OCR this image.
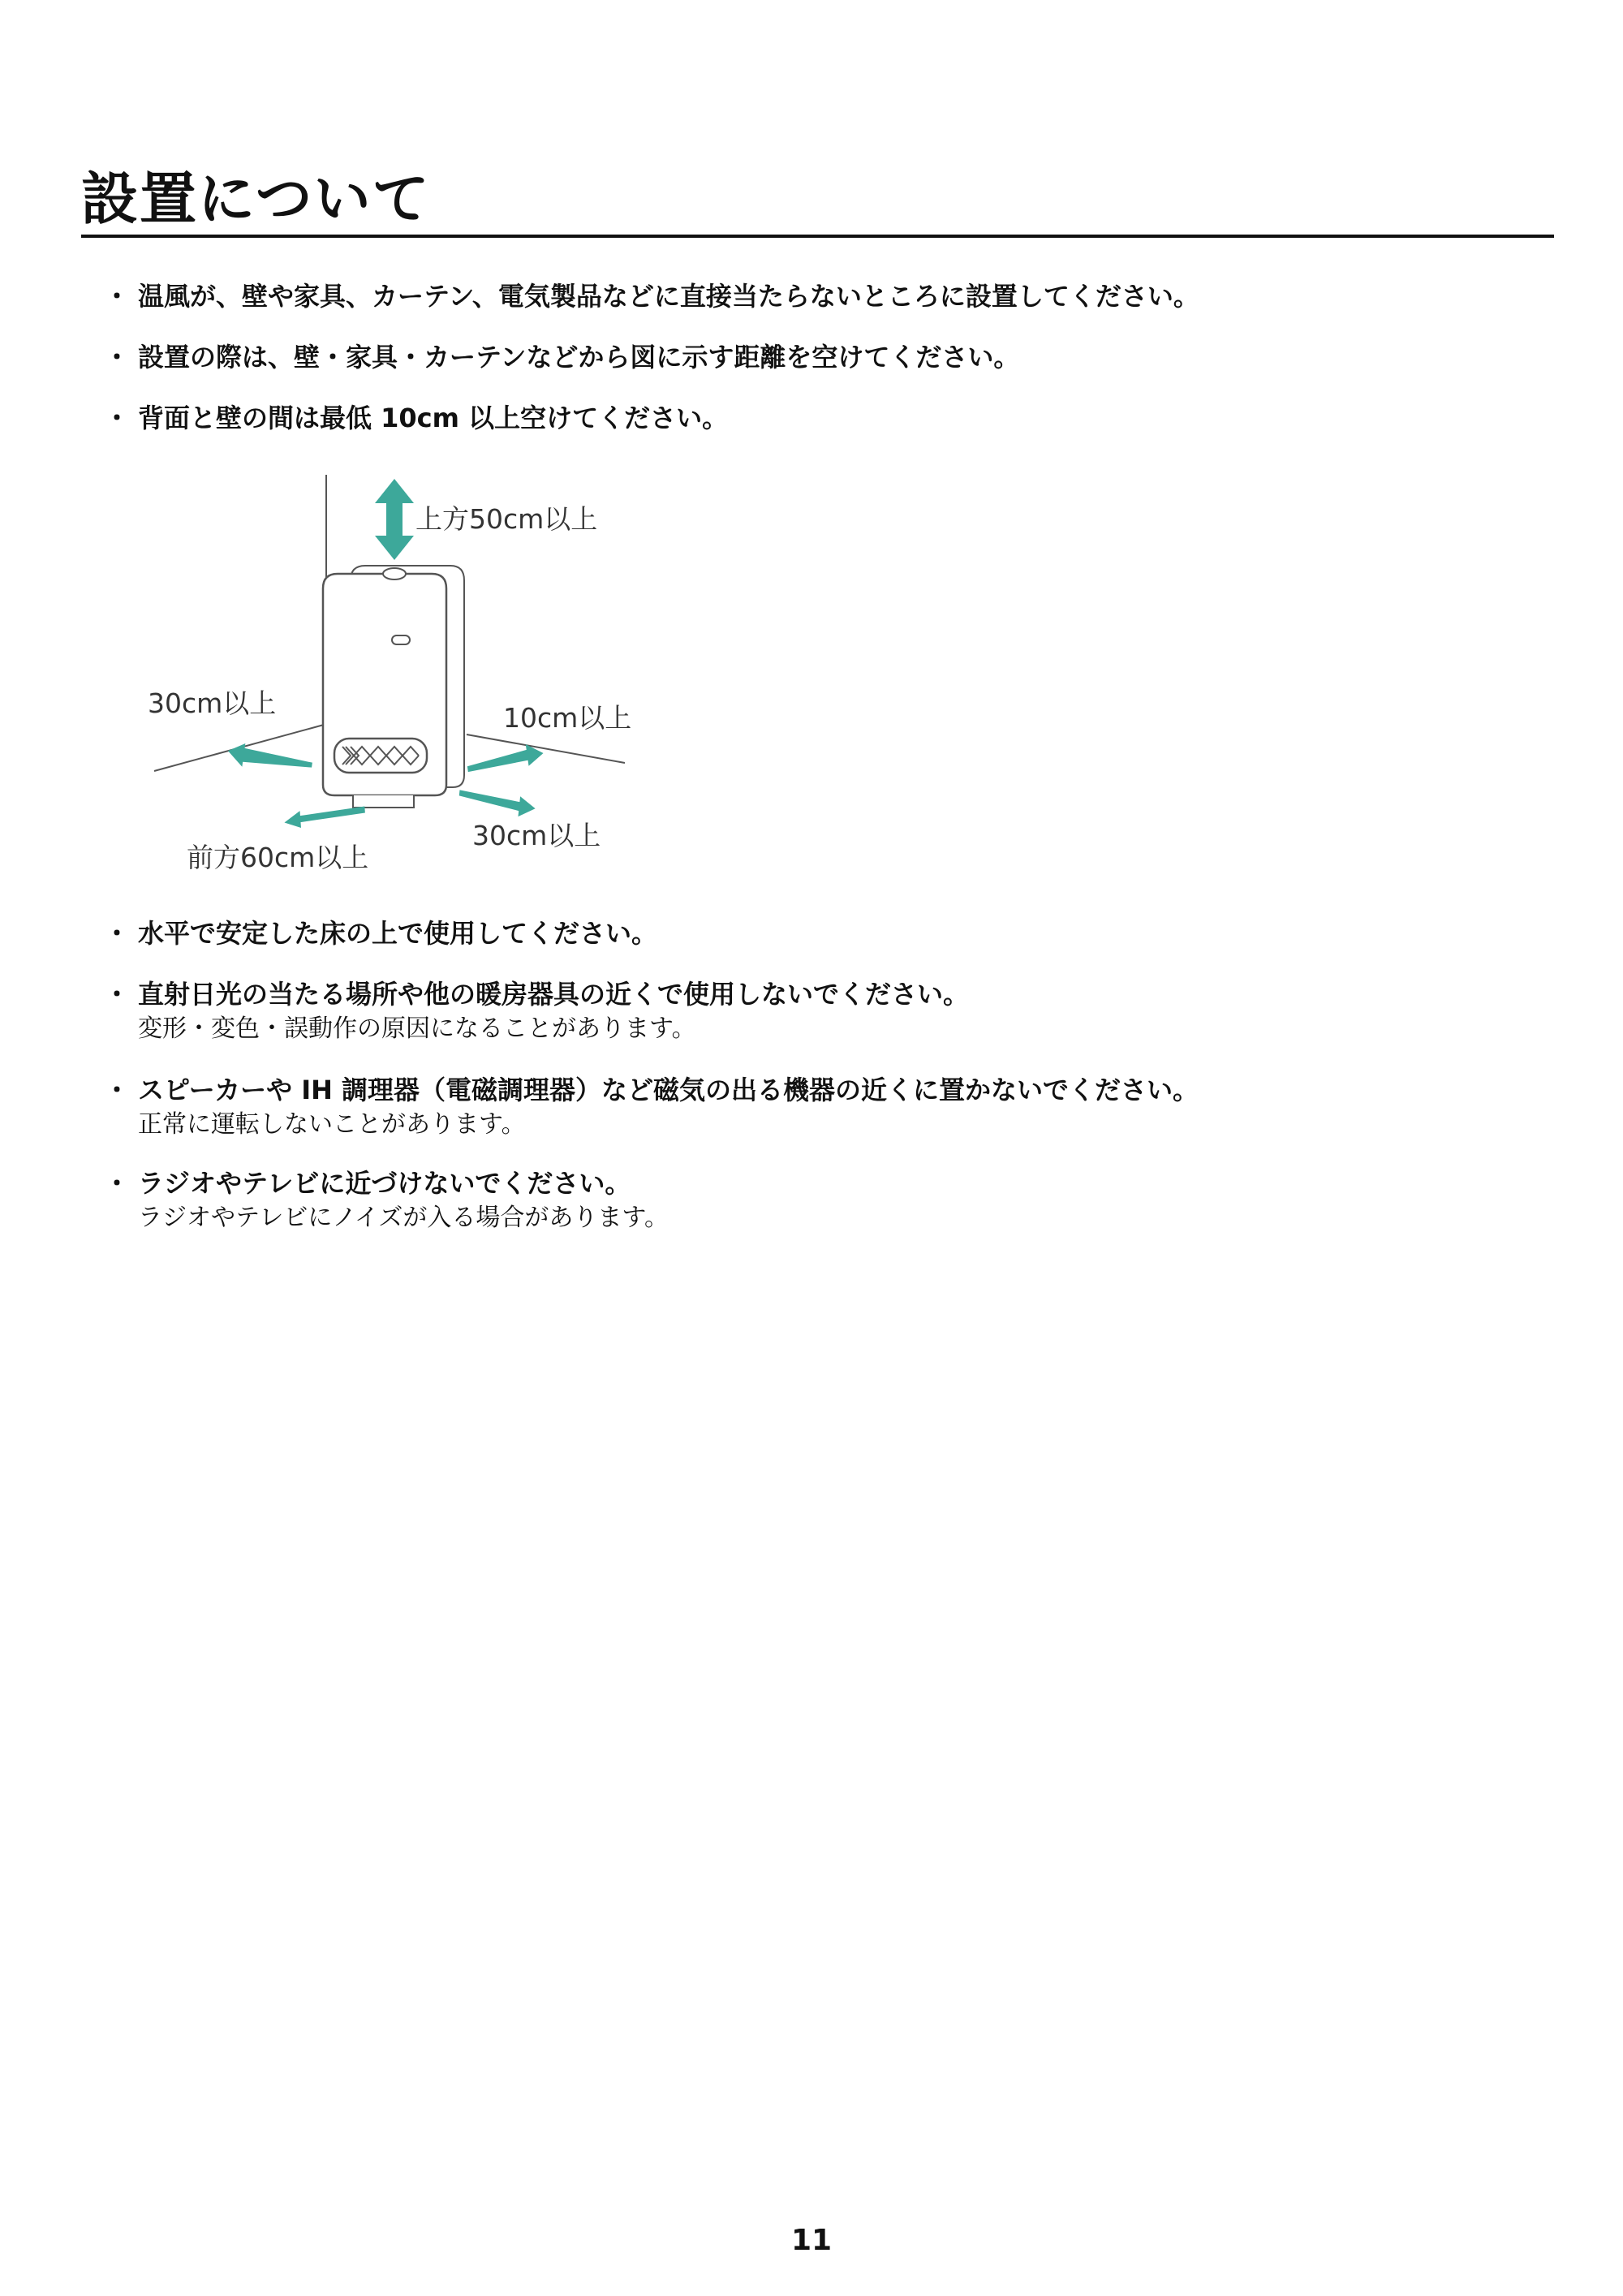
設置について
・ 温風が、壁や家具、カーテン、電気製品などに直接当たらないところに設置してください。
・ 設置の際は、壁・家具・カーテンなどから図に示す距離を空けてください。
・ 背面と壁の間は最低 10cm 以上空けてください。
上方50cm以上
30cm以上	10cm以上
30cm以上
前方60cm以上
・ 水平で安定した床の上で使用してください。
・ 直射日光の当たる場所や他の暖房器具の近くで使用しないでください。
変形・変色・誤動作の原因になることがあります。
・ スピーカーや IH 調理器（電磁調理器）など磁気の出る機器の近くに置かないでください。
正常に運転しないことがあります。
・ ラジオやテレビに近づけないでください。
ラジオやテレビにノイズが入る場合があります。
11
